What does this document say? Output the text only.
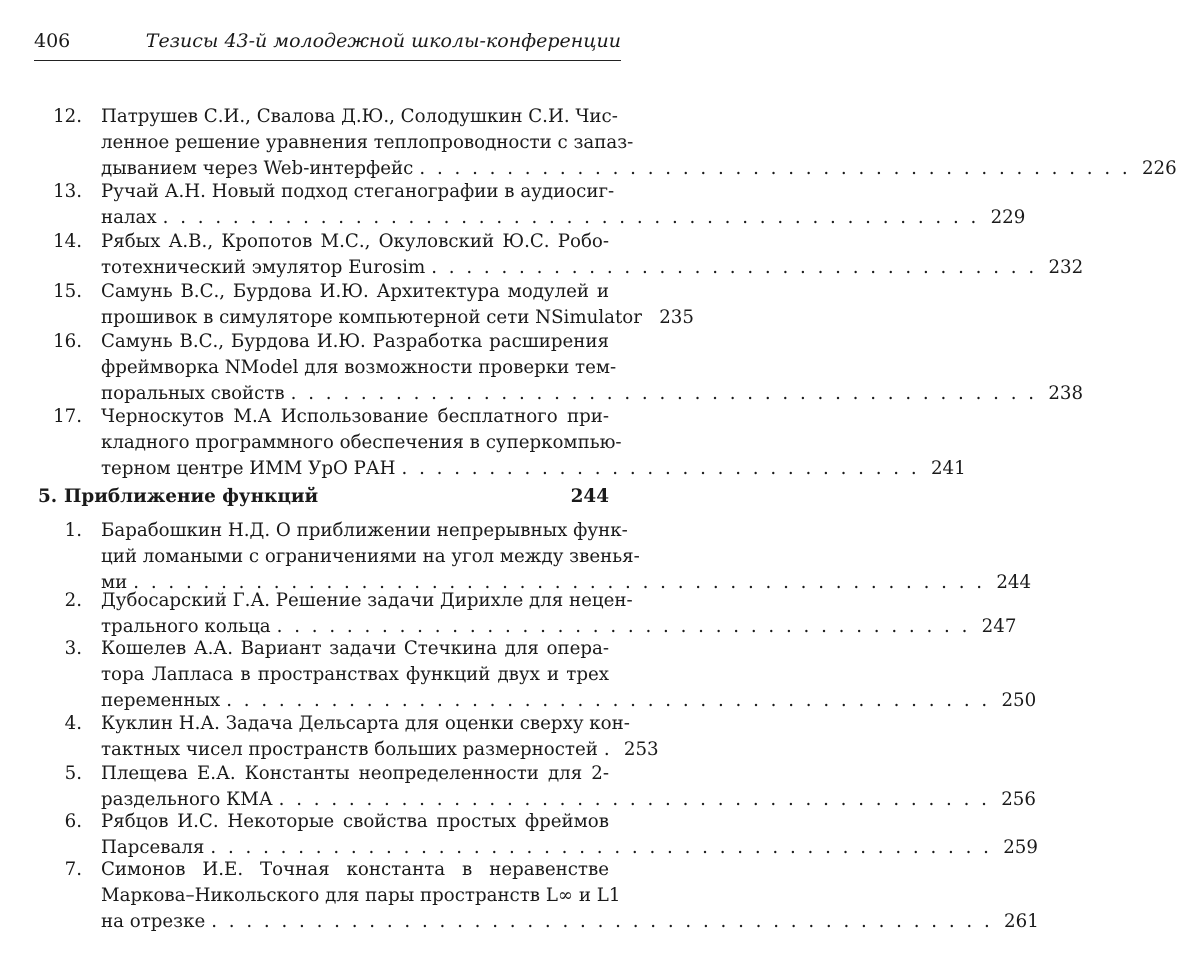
406	Тезисы 43-й молодежной школы-конференции
12. Патрушев С.И., Свалова Д.Ю., Солодушкин С.И. Чис-
ленное решение уравнения теплопроводности с запаз-
дыванием через Web-интерфейс . . . . . . . . . . . . . . . . . . . . . . . . . . . . . . . . . . . . . . . . . 226
13. Ручай А.Н. Новый подход стеганографии в аудиосиг-
налах . . . . . . . . . . . . . . . . . . . . . . . . . . . . . . . . . . . . . . . . . . . . . . . 229
14. Рябых А.В., Кропотов М.С., Окуловский Ю.С. Робо-
тотехнический эмулятор Eurosim . . . . . . . . . . . . . . . . . . . . . . . . . . . . . . . . . . . 232
15. Самунь В.С., Бурдова И.Ю. Архитектура модулей и
прошивок в симуляторе компьютерной сети NSimulator 235
16. Самунь В.С., Бурдова И.Ю. Разработка расширения
фреймворка NModel для возможности проверки тем-
поральных свойств . . . . . . . . . . . . . . . . . . . . . . . . . . . . . . . . . . . . . . . . . . . 238
17. Черноскутов М.А Использование бесплатного при-
кладного программного обеспечения в суперкомпью-
терном центре ИММ УрО РАН . . . . . . . . . . . . . . . . . . . . . . . . . . . . . . 241
5. Приближение функций	244
1. Барабошкин Н.Д. О приближении непрерывных функ-
ций ломаными с ограничениями на угол между звенья-
ми . . . . . . . . . . . . . . . . . . . . . . . . . . . . . . . . . . . . . . . . . . . . . . . . . 244
2. Дубосарский Г.А. Решение задачи Дирихле для нецен-
трального кольца . . . . . . . . . . . . . . . . . . . . . . . . . . . . . . . . . . . . . . . . 247
3. Кошелев А.А. Вариант задачи Стечкина для опера-
тора Лапласа в пространствах функций двух и трех
переменных . . . . . . . . . . . . . . . . . . . . . . . . . . . . . . . . . . . . . . . . . . . . 250
4. Куклин Н.А. Задача Дельсарта для оценки сверху кон-
тактных чисел пространств больших размерностей . 253
5. Плещева Е.А. Константы неопределенности для 2-
раздельного КМА . . . . . . . . . . . . . . . . . . . . . . . . . . . . . . . . . . . . . . . . . 256
6. Рябцов И.С. Некоторые свойства простых фреймов
Парсеваля . . . . . . . . . . . . . . . . . . . . . . . . . . . . . . . . . . . . . . . . . . . . . 259
7. Симонов И.Е. Точная константа в неравенстве
Маркова–Никольского для пары пространств L∞ и L1
на отрезке . . . . . . . . . . . . . . . . . . . . . . . . . . . . . . . . . . . . . . . . . . . . . 261
